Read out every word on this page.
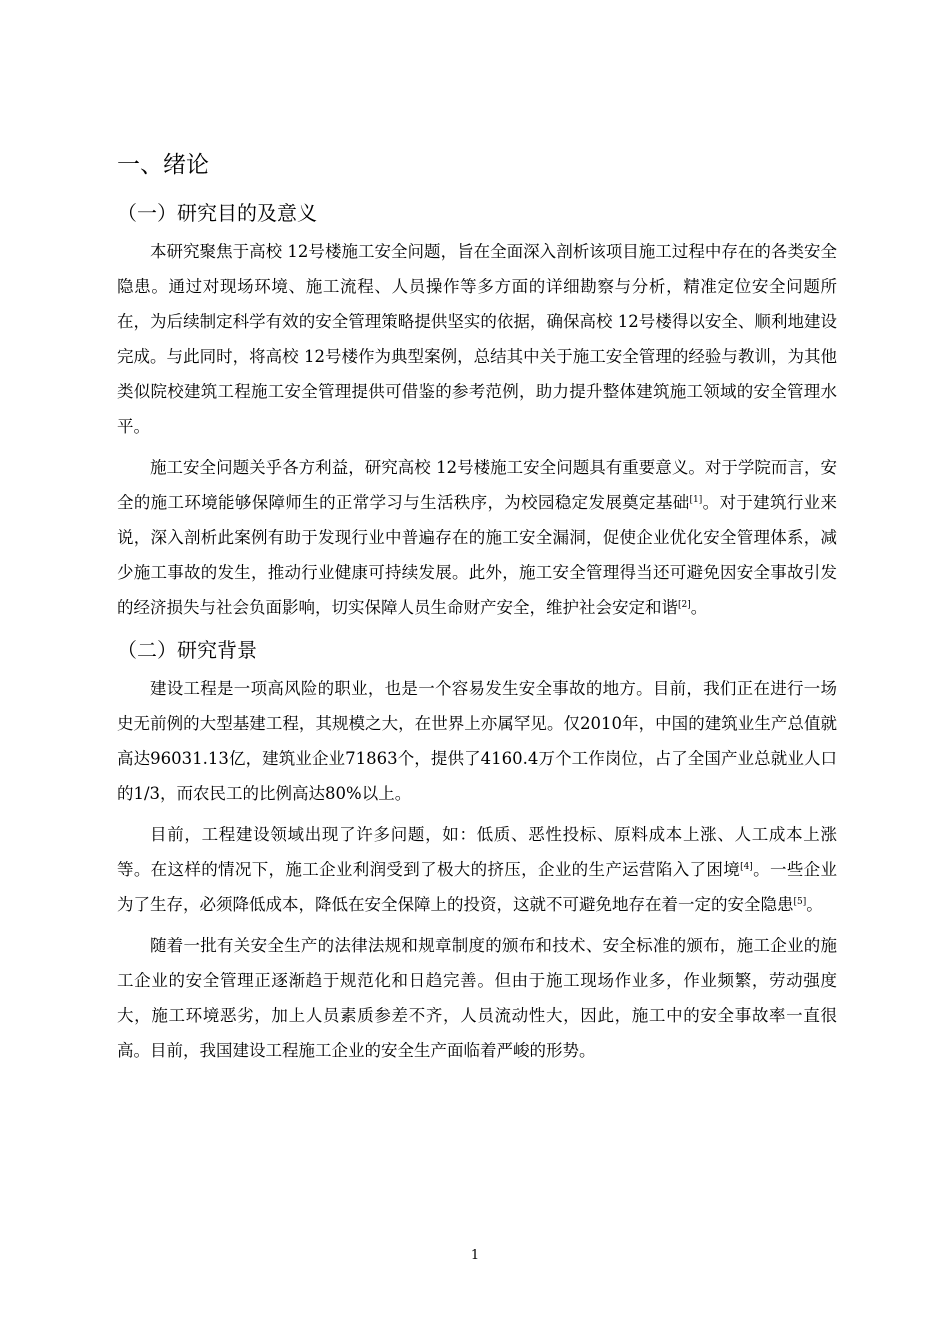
一、绪论
（一）研究目的及意义

本研究聚焦于高校 12号楼施工安全问题，旨在全面深入剖析该项目施工过程中存在的各类安全隐患。通过对现场环境、施工流程、人员操作等多方面的详细勘察与分析，精准定位安全问题所在，为后续制定科学有效的安全管理策略提供坚实的依据，确保高校 12号楼得以安全、顺利地建设完成。与此同时，将高校 12号楼作为典型案例，总结其中关于施工安全管理的经验与教训，为其他类似院校建筑工程施工安全管理提供可借鉴的参考范例，助力提升整体建筑施工领域的安全管理水平。

施工安全问题关乎各方利益，研究高校 12号楼施工安全问题具有重要意义。对于学院而言，安全的施工环境能够保障师生的正常学习与生活秩序，为校园稳定发展奠定基础[1]。对于建筑行业来说，深入剖析此案例有助于发现行业中普遍存在的施工安全漏洞，促使企业优化安全管理体系，减少施工事故的发生，推动行业健康可持续发展。此外，施工安全管理得当还可避免因安全事故引发的经济损失与社会负面影响，切实保障人员生命财产安全，维护社会安定和谐[2]。

（二）研究背景

建设工程是一项高风险的职业，也是一个容易发生安全事故的地方。目前，我们正在进行一场史无前例的大型基建工程，其规模之大，在世界上亦属罕见。仅2010年，中国的建筑业生产总值就高达96031.13亿，建筑业企业71863个，提供了4160.4万个工作岗位，占了全国产业总就业人口的1/3，而农民工的比例高达80%以上。

目前，工程建设领域出现了许多问题，如：低质、恶性投标、原料成本上涨、人工成本上涨等。在这样的情况下，施工企业利润受到了极大的挤压，企业的生产运营陷入了困境[4]。一些企业为了生存，必须降低成本，降低在安全保障上的投资，这就不可避免地存在着一定的安全隐患[5]。

随着一批有关安全生产的法律法规和规章制度的颁布和技术、安全标准的颁布，施工企业的施工企业的安全管理正逐渐趋于规范化和日趋完善。但由于施工现场作业多，作业频繁，劳动强度大，施工环境恶劣，加上人员素质参差不齐，人员流动性大，因此，施工中的安全事故率一直很高。目前，我国建设工程施工企业的安全生产面临着严峻的形势。

1
